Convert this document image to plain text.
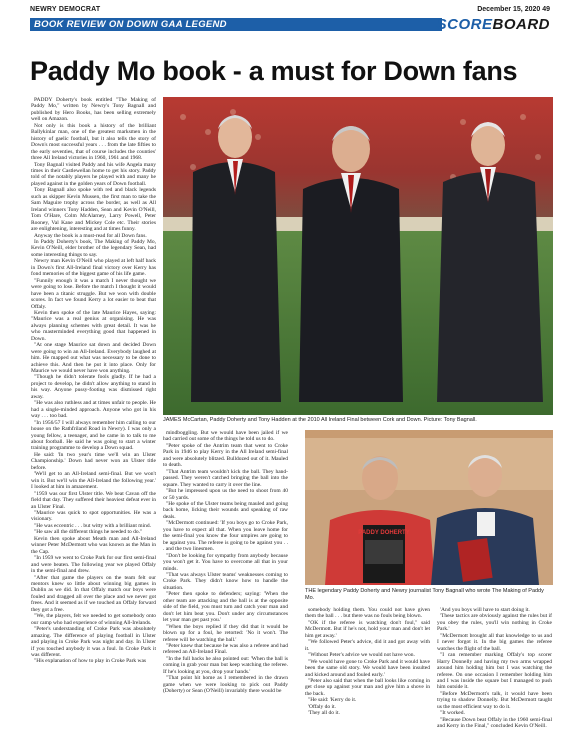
NEWRY DEMOCRAT	December 15, 2020 49
BOOK REVIEW ON DOWN GAA LEGEND	SCOREBOARD
Paddy Mo book - a must for Down fans

PADDY Doherty's book entitled "The Making of Paddy Mo," written by Newry's Tony Bagnall and published by Hero Books, has been selling extremely well on Amazon.

Not only is this book a history of the brilliant Ballykinlar man, one of the greatest marksmen in the history of gaelic football, but it also tells the story of Down's most successful years . . . from the late fifties to the early seventies, that of course includes the counties' three All Ireland victories in 1960, 1961 and 1968.

Tony Bagnall visited Paddy and his wife Angela many times in their Castlewellan home to get his story. Paddy told of the notably players he played with and many he played against in the golden years of Down football.

Tony Bagnall also spoke with red and black legends such as skipper Kevin Mussen, the first man to take the Sam Maguire trophy across the border, as well as All Ireland winners Tony Hadden, Sean and Kevin O'Neill, Tom O'Hare, Colm McAlarney, Larry Powell, Peter Rooney, Val Kane and Mickey Cole etc. Their stories are enlightening, interesting and at times funny.

Anyway the book is a must-read for all Down fans.

In Paddy Doherty's book, The Making of Paddy Mo, Kevin O'Neill, elder brother of the legendary Sean, had some interesting things to say.

Newry man Kevin O'Neill who played at left half back in Down's first All-Ireland final victory over Kerry has fond memories of the biggest game of his life game.

"Funnily enough it was a match I never thought we were going to lose. Before the match I thought it would have been a titanic struggle. But we won with double scores. In fact we found Kerry a lot easier to beat that Offaly.

Kevin then spoke of the late Maurice Hayes, saying: "Maurice was a real genius at organising. He was always planning schemes with great detail. It was he who masterminded everything good that happened in Down.

"At one stage Maurice sat down and decided Down were going to win an All-Ireland. Everybody laughed at him. He mapped out what was necessary to be done to achieve this. And then he put it into place. Only for Maurice we would never have won anything.

"Though he didn't tolerate fools gladly. If he had a project to develop, he didn't allow anything to stand in his way. Anyone pussy-footing was dismissed right away.

"He was also ruthless and at times unfair to people. He had a single-minded approach. Anyone who got in his way . . . too bad.

"In 1956/57 I will always remember him calling to our house on the Rathfriland Road in Newry). I was only a young fellow, a teenager, and he came in to talk to me about football. He said he was going to start a winter training programme to develop a Down squad.

He said: 'In two year's time we'll win an Ulster Championship.' Down had never won an Ulster title before.

'We'll get to an All-Ireland semi-final. But we won't win it. But we'll win the All-Ireland the following year.' I looked at him in amazement.

"1959 was our first Ulster title. We beat Cavan off the field that day. They suffered their heaviest defeat ever in an Ulster Final.

"Maurice was quick to spot opportunities. He was a visionary.

"He was eccentric . . . but witty with a brilliant mind.

"He saw all the different things he needed to do."

Kevin then spoke about Meath man and All-Ireland winner Peter McDermott who was known as the Man in the Cap.

"In 1959 we went to Croke Park for our first semi-final and were beaten. The following year we played Offaly in the semi-final and drew.

"After that game the players on the team felt our mentors knew so little about winning big games in Dublin as we did. In that Offaly match our boys were fouled and dragged all over the place and we never got frees. And it seemed as if we touched an Offaly forward they got a free.

"We, the players, felt we needed to get somebody onto our camp who had experience of winning All-Irelands.

"Peter's understanding of Croke Park was absolutely amazing. The difference of playing football in Ulster and playing in Croke Park was night and day. In Ulster if you touched anybody it was a foul. In Croke Park it was different.

"His explanation of how to play in Croke Park was

JAMES McCartan, Paddy Doherty and Tony Hadden at the 2010 All Ireland Final between Cork and Down. Picture: Tony Bagnall.

mindboggling. But we would have been jailed if we had carried out some of the things he told us to do.

"Peter spoke of the Antrim team that went to Croke Park in 1946 to play Kerry in the All Ireland semi-final and were absolutely blitzed. Bulldozed out of it. Mauled to death.

"That Antrim team wouldn't kick the ball. They hand-passed. They weren't catched bringing the ball into the square. They wanted to carry it over the line.

"But he impressed upon us the need to shoot from 40 or 50 yards.

"He spoke of the Ulster teams being mauled and going back home, licking their wounds and speaking of raw deals.

"McDermott continued: 'If you boys go to Croke Park, you have to expect all that. When you leave home for the semi-final you know the four umpires are going to be against you. The referee is going to be against you . . . and the two linesmen.

"Don't be looking for sympathy from anybody because you won't get it. You have to overcome all that in your minds.

"That was always Ulster teams' weaknesses coming to Croke Park. They didn't know how to handle the situation.

"Peter then spoke to defenders; saying: 'When the other team are attacking and the ball is at the opposite side of the field, you must turn and catch your man and don't let him beat you. Don't under any circumstances let your man get past you.'

"When the boys replied if they did that it would be blown up for a foul, he retorted: 'No it won't. The referee will be watching the ball.'

"Peter knew that because he was also a referee and had refereed an All-Ireland Final.

"In the full backs he also pointed out: 'When the ball is coming in grab your man but keep watching the referee. If he's looking at you, drop your hands.'

"That point hit home as I remembered in the drawn game when we were looking to pick out Paddy (Doherty) or Sean (O'Neill) invariably there would be

PADDY DOHERTY
THE legendary Paddy Doherty and Newry journalist Tony Bagnall who wrote The Making of Paddy Mo.

somebody holding them. You could not have given them the ball . . . but there was no fouls being blown.

"OK if the referee is watching don't foul," said McDermott. But if he's not, hold your man and don't let him get away.'

"We followed Peter's advice, did it and got away with it.

"Without Peter's advice we would not have won.

"We would have gone to Croke Park and it would have been the same old story. We would have been insulted and kicked around and fouled early.'

"Peter also said that when the ball looks like coming in get close up against your man and give him a shove in the back.

"He said: 'Kerry do it.

'Offaly do it.

'They all do it.

'And you boys will have to start doing it.

'These tactics are obviously against the rules but if you obey the rules, you'll win nothing in Croke Park.'

"McDermott brought all that knowledge to us and I never forgot it. In the big games the referee watches the flight of the ball.

"I can remember marking Offaly's top scorer Harry Donnelly and having my two arms wrapped around him holding him but I was watching the referee. On one occasion I remember holding him and I was inside the square but I managed to push him outside it.

"Before McDermott's talk, it would have been trying to shadow Donnelly. But McDermott taught us the most efficient way to do it.

"It worked.

"Because Down beat Offaly in the 1960 semi-final and Kerry in the Final," concluded Kevin O'Neill.
